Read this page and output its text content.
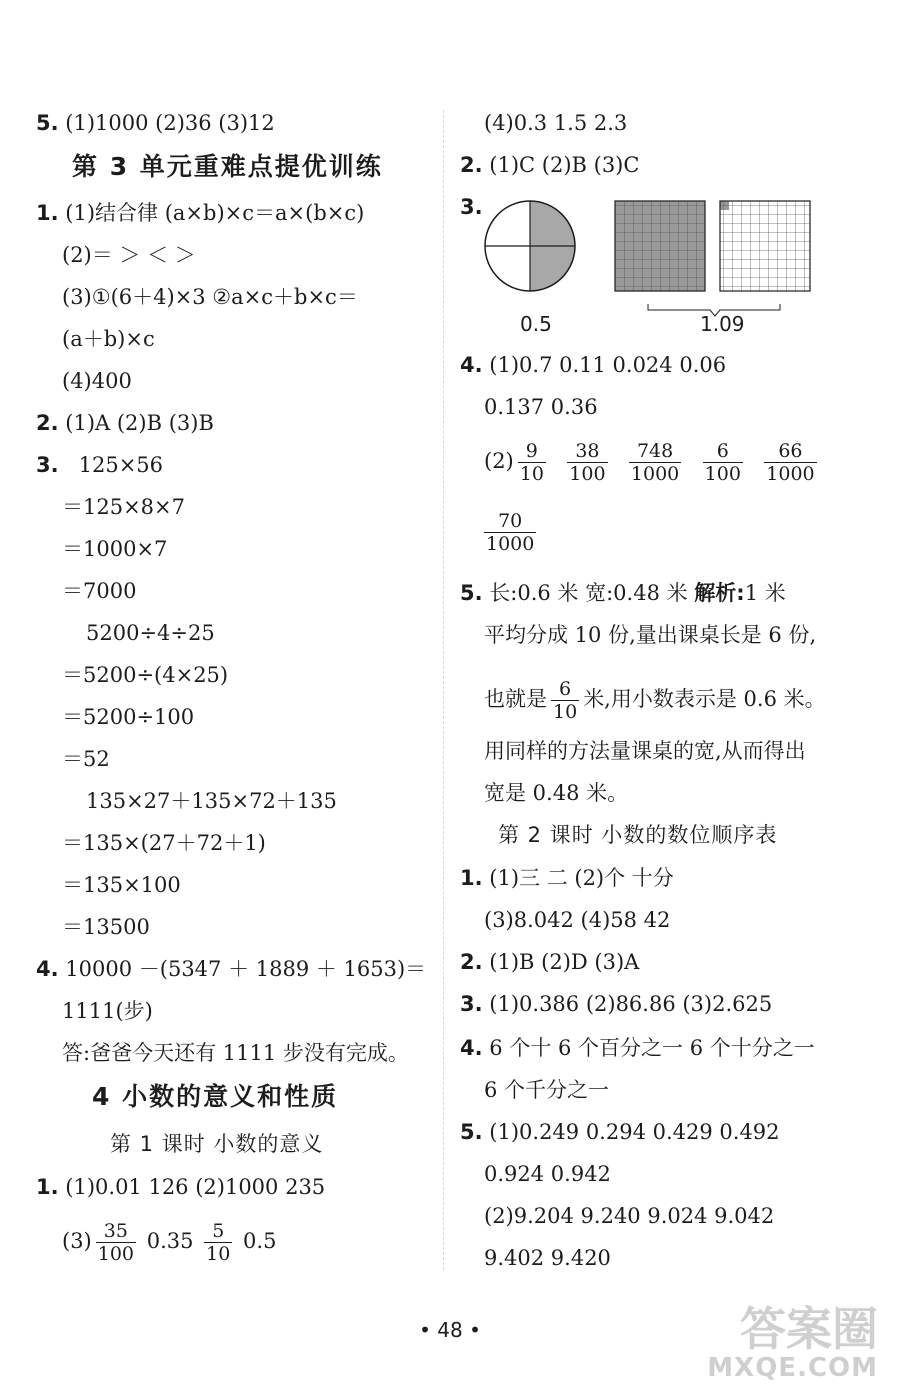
5. (1)1000 (2)36 (3)12
第 3 单元重难点提优训练
1. (1)结合律 (a×b)×c＝a×(b×c)
(2)＝ ＞ ＜ ＞
(3)①(6＋4)×3 ②a×c＋b×c＝
(a＋b)×c
(4)400
2. (1)A (2)B (3)B
3. 125×56
＝125×8×7
＝1000×7
＝7000
5200÷4÷25
＝5200÷(4×25)
＝5200÷100
＝52
135×27＋135×72＋135
＝135×(27＋72＋1)
＝135×100
＝13500
4. 10000 －(5347 ＋ 1889 ＋ 1653)＝
1111(步)
答:爸爸今天还有 1111 步没有完成。
4 小数的意义和性质
第 1 课时 小数的意义
1. (1)0.01 126 (2)1000 235
$(3) \frac{35}{100} 0.35 \frac{5}{10} 0.5$
(4)0.3 1.5 2.3
2. (1)C (2)B (3)C
3.
0.5	1.09
4. (1)0.7 0.11 0.024 0.06
0.137 0.36
$(2) \frac{9}{10}$
$\frac{38}{100}$
$\frac{748}{1000}$
$\frac{6}{100}$
$\frac{66}{1000}$
$\frac{70}{1000}$
5. 长:0.6 米 宽:0.48 米 解析:1 米
平均分成 10 份,量出课桌长是 6 份,
也就是 $\frac{6}{10}$ 米,用小数表示是 0.6 米。
用同样的方法量课桌的宽,从而得出
宽是 0.48 米。
第 2 课时 小数的数位顺序表
1. (1)三 二 (2)个 十分
(3)8.042 (4)58 42
2. (1)B (2)D (3)A
3. (1)0.386 (2)86.86 (3)2.625
4. 6 个十 6 个百分之一 6 个十分之一
6 个千分之一
5. (1)0.249 0.294 0.429 0.492
0.924 0.942
(2)9.204 9.240 9.024 9.042
9.402 9.420
• 48 •	答案圈
MXQE.COM
